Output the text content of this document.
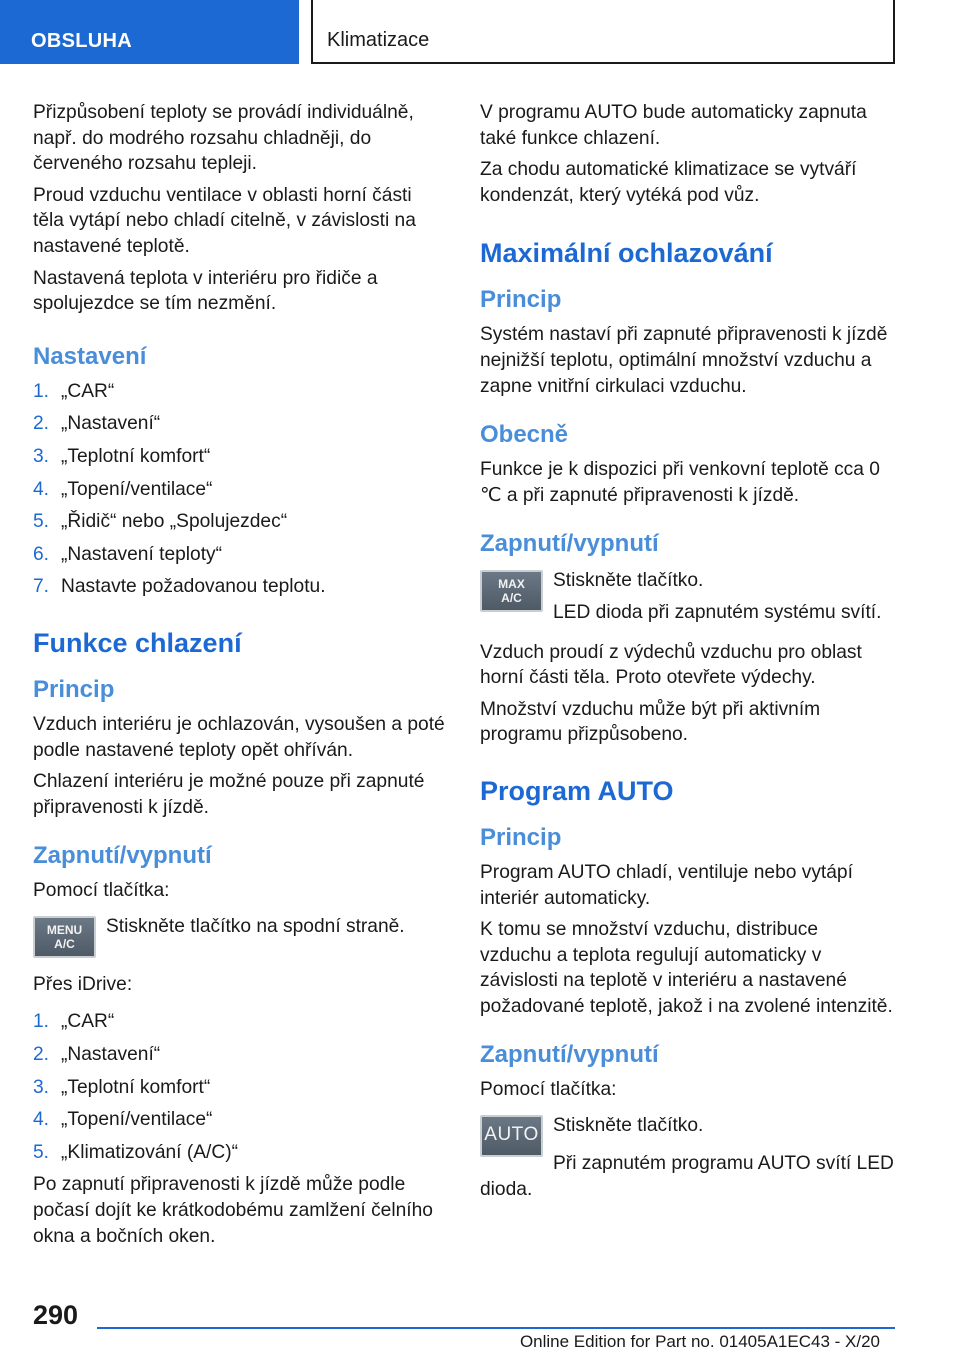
OBSLUHA	Klimatizace

Přizpůsobení teploty se provádí individuálně, např. do modrého rozsahu chladněji, do červeného rozsahu tepleji.

Proud vzduchu ventilace v oblasti horní části těla vytápí nebo chladí citelně, v závislosti na nastavené teplotě.

Nastavená teplota v interiéru pro řidiče a spolujezdce se tím nezmění.

Nastavení
1. „CAR“
2. „Nastavení“
3. „Teplotní komfort“
4. „Topení/ventilace“
5. „Řidič“ nebo „Spolujezdec“
6. „Nastavení teploty“
7. Nastavte požadovanou teplotu.
Funkce chlazení
Princip

Vzduch interiéru je ochlazován, vysoušen a poté podle nastavené teploty opět ohříván.

Chlazení interiéru je možné pouze při zapnuté připravenosti k jízdě.

Zapnutí/vypnutí

Pomocí tlačítka:

MENU
A/C

Stiskněte tlačítko na spodní straně.

Přes iDrive:

1. „CAR“
2. „Nastavení“
3. „Teplotní komfort“
4. „Topení/ventilace“
5. „Klimatizování (A/C)“

Po zapnutí připravenosti k jízdě může podle počasí dojít ke krátkodobému zamlžení čelního okna a bočních oken.

V programu AUTO bude automaticky zapnuta také funkce chlazení.

Za chodu automatické klimatizace se vytváří kondenzát, který vytéká pod vůz.

Maximální ochlazování
Princip

Systém nastaví při zapnuté připravenosti k jízdě nejnižší teplotu, optimální množství vzduchu a zapne vnitřní cirkulaci vzduchu.

Obecně

Funkce je k dispozici při venkovní teplotě cca 0 ℃ a při zapnuté připravenosti k jízdě.

Zapnutí/vypnutí
MAX
A/C

Stiskněte tlačítko.

LED dioda při zapnutém systému svítí.

Vzduch proudí z výdechů vzduchu pro oblast horní části těla. Proto otevřete výdechy.

Množství vzduchu může být při aktivním programu přizpůsobeno.

Program AUTO
Princip

Program AUTO chladí, ventiluje nebo vytápí interiér automaticky.

K tomu se množství vzduchu, distribuce vzduchu a teplota regulují automaticky v závislosti na teplotě v interiéru a nastavené požadované teplotě, jakož i na zvolené intenzitě.

Zapnutí/vypnutí

Pomocí tlačítka:

AUTO Stiskněte tlačítko.

Při zapnutém programu AUTO svítí LED dioda.

290
Online Edition for Part no. 01405A1EC43 - X/20
